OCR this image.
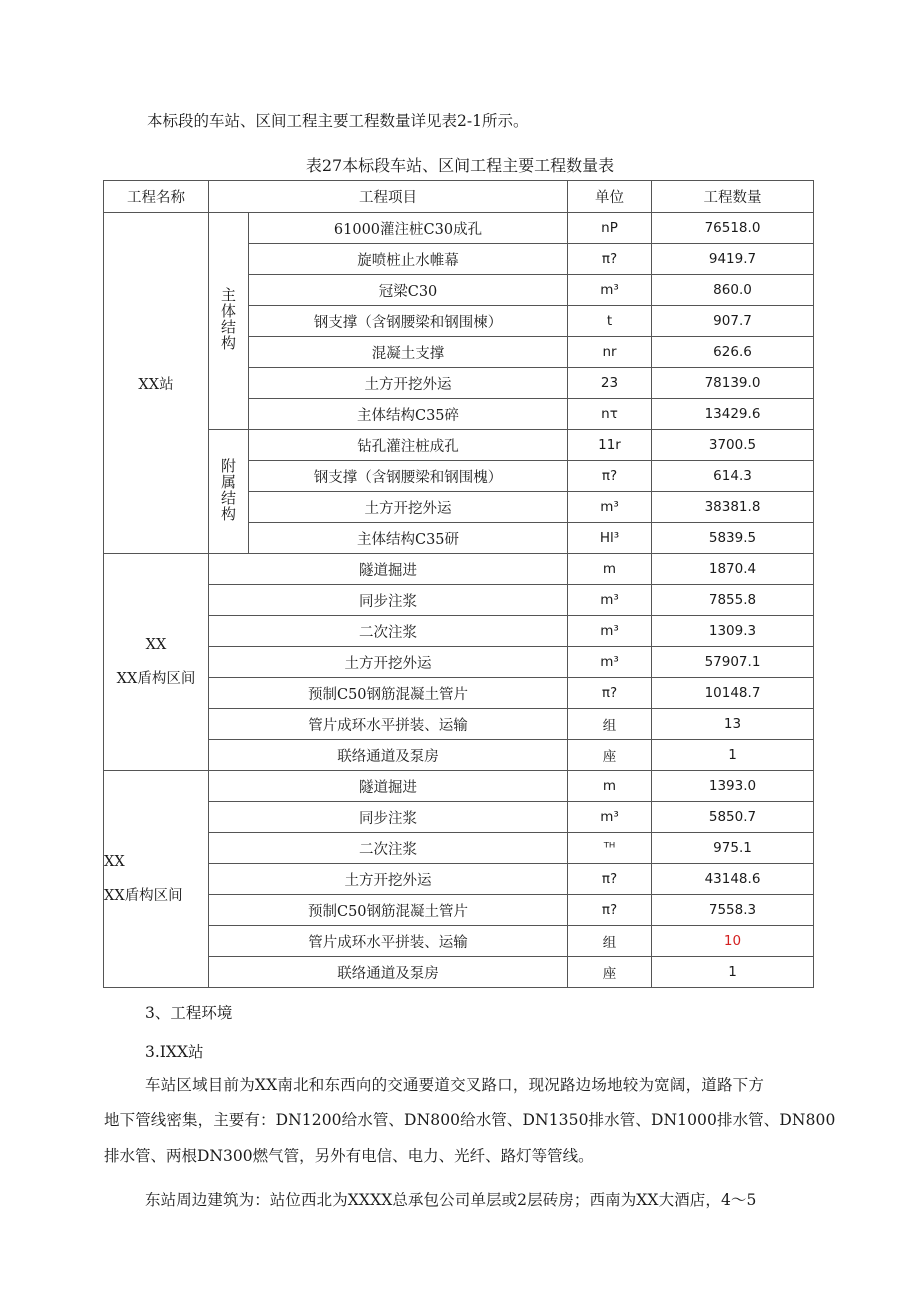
本标段的车站、区间工程主要工程数量详见表2-1所示。
表27本标段车站、区间工程主要工程数量表
工程名称	工程项目		单位	工程数量
XX站	主体结构	61000灌注桩C30成孔	nP	76518.0
		旋喷桩止水帷幕	π?	9419.7
		冠梁C30	m³	860.0
		钢支撑（含钢腰梁和钢围楝）	t	907.7
		混凝土支撑	nr	626.6
		土方开挖外运	23	78139.0
		主体结构C35碎	nτ	13429.6
	附属结构	钻孔灌注桩成孔	11r	3700.5
		钢支撑（含钢腰梁和钢围槐）	π?	614.3
		土方开挖外运	m³	38381.8
		主体结构C35研	Hl³	5839.5

XX
XX盾构区间	隧道掘进		m	1870.4
	同步注浆		m³	7855.8
	二次注浆		m³	1309.3
	土方开挖外运		m³	57907.1
	预制C50钢筋混凝土管片		π?	10148.7
	管片成环水平拼装、运输		组	13
	联络通道及泵房		座	1

XX
XX盾构区间	隧道掘进		m	1393.0
	同步注浆		m³	5850.7
	二次注浆		ᵀᴴ	975.1
	土方开挖外运		π?	43148.6
	预制C50钢筋混凝土管片		π?	7558.3
	管片成环水平拼装、运输		组	10
	联络通道及泵房		座	1
3、工程环境
3.IXX站
车站区域目前为XX南北和东西向的交通要道交叉路口，现况路边场地较为宽阔，道路下方
地下管线密集，主要有：DN1200给水管、DN800给水管、DN1350排水管、DN1000排水管、DN800
排水管、两根DN300燃气管，另外有电信、电力、光纤、路灯等管线。
东站周边建筑为：站位西北为XXXX总承包公司单层或2层砖房；西南为XX大酒店，4～5
